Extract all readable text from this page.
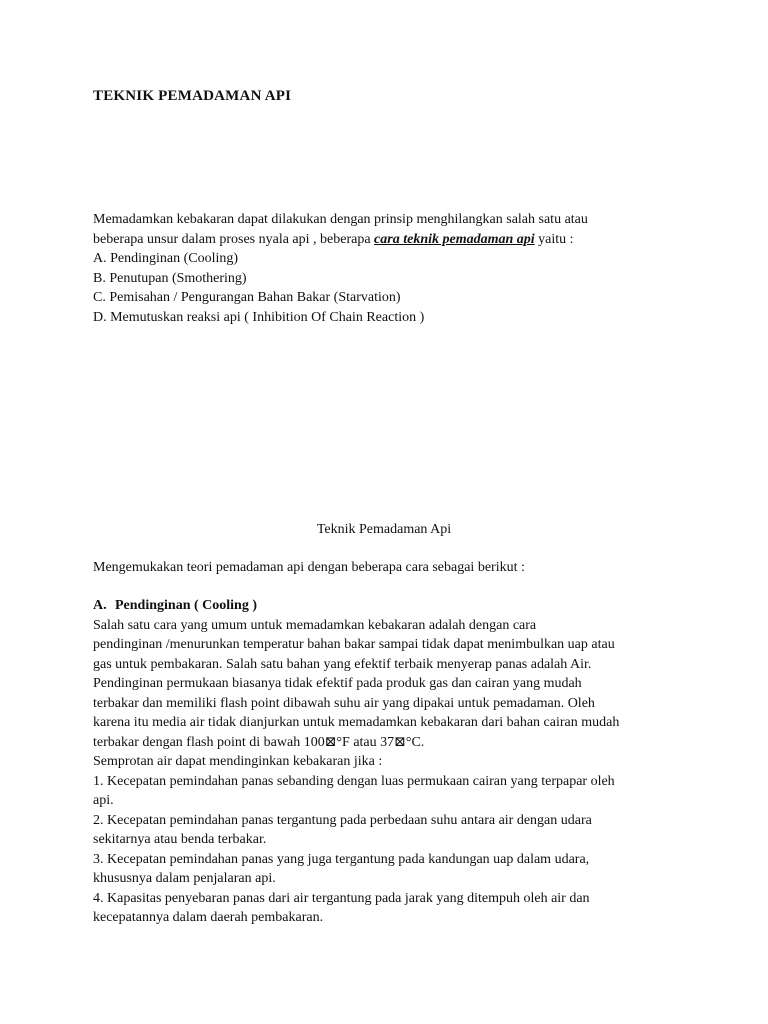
TEKNIK PEMADAMAN API

Memadamkan kebakaran dapat dilakukan dengan prinsip menghilangkan salah satu atau

beberapa unsur dalam proses nyala api , beberapa cara teknik pemadaman api yaitu :

A. Pendinginan (Cooling)

B. Penutupan (Smothering)

C. Pemisahan / Pengurangan Bahan Bakar (Starvation)

D. Memutuskan reaksi api ( Inhibition Of Chain Reaction )

Teknik Pemadaman Api

Mengemukakan teori pemadaman api dengan beberapa cara sebagai berikut :

A. Pendinginan ( Cooling )

Salah satu cara yang umum untuk memadamkan kebakaran adalah dengan cara

pendinginan /menurunkan temperatur bahan bakar sampai tidak dapat menimbulkan uap atau

gas untuk pembakaran. Salah satu bahan yang efektif terbaik menyerap panas adalah Air.

Pendinginan permukaan biasanya tidak efektif pada produk gas dan cairan yang mudah

terbakar dan memiliki flash point dibawah suhu air yang dipakai untuk pemadaman. Oleh

karena itu media air tidak dianjurkan untuk memadamkan kebakaran dari bahan cairan mudah

terbakar dengan flash point di bawah 100⊠°F atau 37⊠°C.

Semprotan air dapat mendinginkan kebakaran jika :

1. Kecepatan pemindahan panas sebanding dengan luas permukaan cairan yang terpapar oleh

api.

2. Kecepatan pemindahan panas tergantung pada perbedaan suhu antara air dengan udara

sekitarnya atau benda terbakar.

3. Kecepatan pemindahan panas yang juga tergantung pada kandungan uap dalam udara,

khususnya dalam penjalaran api.

4. Kapasitas penyebaran panas dari air tergantung pada jarak yang ditempuh oleh air dan

kecepatannya dalam daerah pembakaran.
